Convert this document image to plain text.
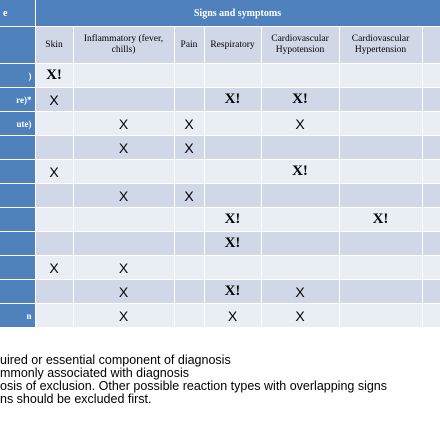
e	Signs and symptoms						
	Skin	Inflammatory (fever, chills)	Pain	Respiratory	Cardiovascular Hypotension	Cardiovascular Hypertension	
)	X!						
re)*	X			X!	X!		
ute)		X	X		X		
		X	X				
	X				X!		
		X	X				
				X!		X!	
				X!			
	X	X					
		X		X!	X		
n		X		X	X		
uired or essential component of diagnosis
mmonly associated with diagnosis
osis of exclusion. Other possible reaction types with overlapping signs
ns should be excluded first.
